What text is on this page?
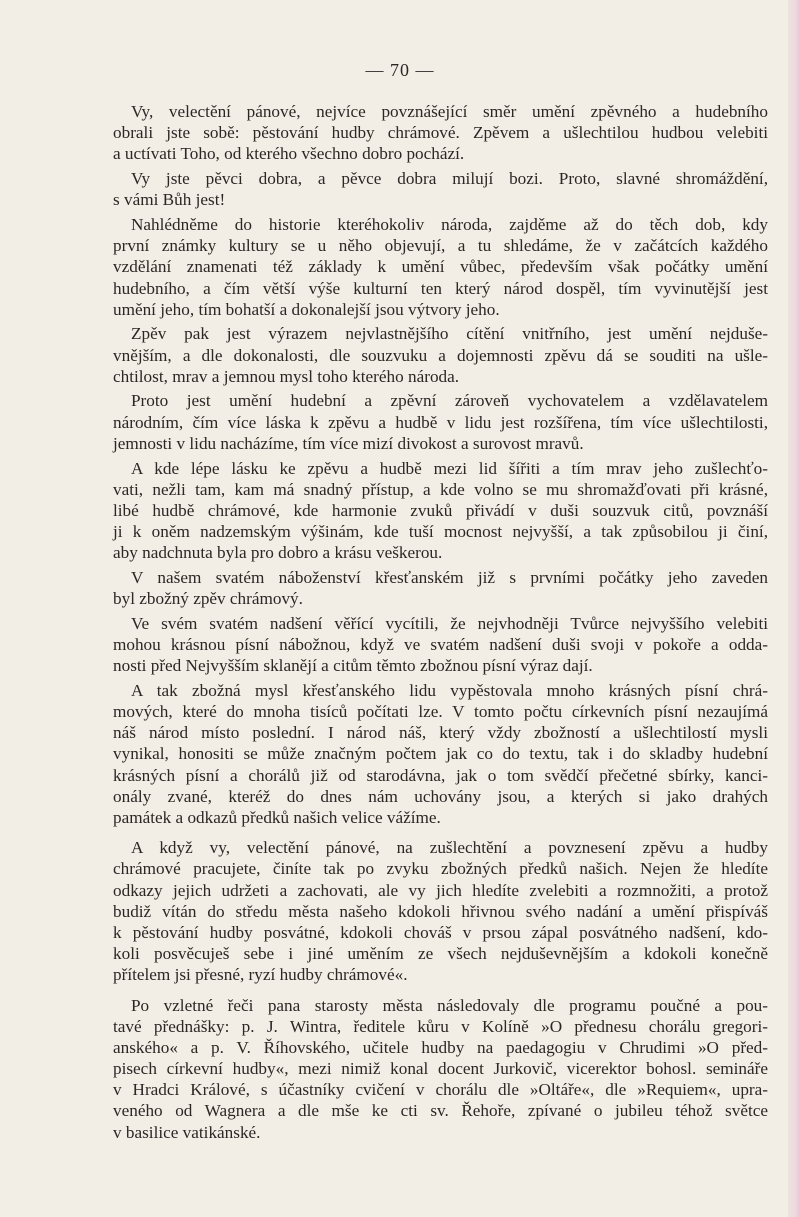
— 70 —
Vy, velectění pánové, nejvíce povznášející směr umění zpěvného a hudebního
obrali jste sobě: pěstování hudby chrámové. Zpěvem a ušlechtilou hudbou velebiti
a uctívati Toho, od kterého všechno dobro pochází.
Vy jste pěvci dobra, a pěvce dobra milují bozi. Proto, slavné shromáždění,
s vámi Bůh jest!
Nahlédněme do historie kteréhokoliv národa, zajděme až do těch dob, kdy
první známky kultury se u něho objevují, a tu shledáme, že v začátcích každého
vzdělání znamenati též základy k umění vůbec, především však počátky umění
hudebního, a čím větší výše kulturní ten který národ dospěl, tím vyvinutější jest
umění jeho, tím bohatší a dokonalejší jsou výtvory jeho.
Zpěv pak jest výrazem nejvlastnějšího cítění vnitřního, jest umění nejduše-
vnějším, a dle dokonalosti, dle souzvuku a dojemnosti zpěvu dá se souditi na ušle-
chtilost, mrav a jemnou mysl toho kterého národa.
Proto jest umění hudební a zpěvní zároveň vychovatelem a vzdělavatelem
národním, čím více láska k zpěvu a hudbě v lidu jest rozšířena, tím více ušlechtilosti,
jemnosti v lidu nacházíme, tím více mizí divokost a surovost mravů.
A kde lépe lásku ke zpěvu a hudbě mezi lid šířiti a tím mrav jeho zušlechťo-
vati, nežli tam, kam má snadný přístup, a kde volno se mu shromažďovati při krásné,
libé hudbě chrámové, kde harmonie zvuků přivádí v duši souzvuk citů, povznáší
ji k oněm nadzemským výšinám, kde tuší mocnost nejvyšší, a tak způsobilou ji činí,
aby nadchnuta byla pro dobro a krásu veškerou.
V našem svatém náboženství křesťanském již s prvními počátky jeho zaveden
byl zbožný zpěv chrámový.
Ve svém svatém nadšení věřící vycítili, že nejvhodněji Tvůrce nejvyššího velebiti
mohou krásnou písní nábožnou, když ve svatém nadšení duši svoji v pokoře a odda-
nosti před Nejvyšším sklanějí a citům těmto zbožnou písní výraz dají.
A tak zbožná mysl křesťanského lidu vypěstovala mnoho krásných písní chrá-
mových, které do mnoha tisíců počítati lze. V tomto počtu církevních písní nezaujímá
náš národ místo poslední. I národ náš, který vždy zbožností a ušlechtilostí mysli
vynikal, honositi se může značným počtem jak co do textu, tak i do skladby hudební
krásných písní a chorálů již od starodávna, jak o tom svědčí přečetné sbírky, kanci-
onály zvané, kteréž do dnes nám uchovány jsou, a kterých si jako drahých
památek a odkazů předků našich velice vážíme.
A když vy, velectění pánové, na zušlechtění a povznesení zpěvu a hudby
chrámové pracujete, činíte tak po zvyku zbožných předků našich. Nejen že hledíte
odkazy jejich udržeti a zachovati, ale vy jich hledíte zvelebiti a rozmnožiti, a protož
budiž vítán do středu města našeho kdokoli hřivnou svého nadání a umění přispíváš
k pěstování hudby posvátné, kdokoli chováš v prsou zápal posvátného nadšení, kdo-
koli posvěcuješ sebe i jiné uměním ze všech nejduševnějším a kdokoli konečně
přítelem jsi přesné, ryzí hudby chrámové«.
Po vzletné řeči pana starosty města následovaly dle programu poučné a pou-
tavé přednášky: p. J. Wintra, ředitele kůru v Kolíně »O přednesu chorálu gregori-
anského« a p. V. Říhovského, učitele hudby na paedagogiu v Chrudimi »O před-
pisech církevní hudby«, mezi nimiž konal docent Jurkovič, vicerektor bohosl. semináře
v Hradci Králové, s účastníky cvičení v chorálu dle »Oltáře«, dle »Requiem«, upra-
veného od Wagnera a dle mše ke cti sv. Řehoře, zpívané o jubileu téhož světce
v basilice vatikánské.
